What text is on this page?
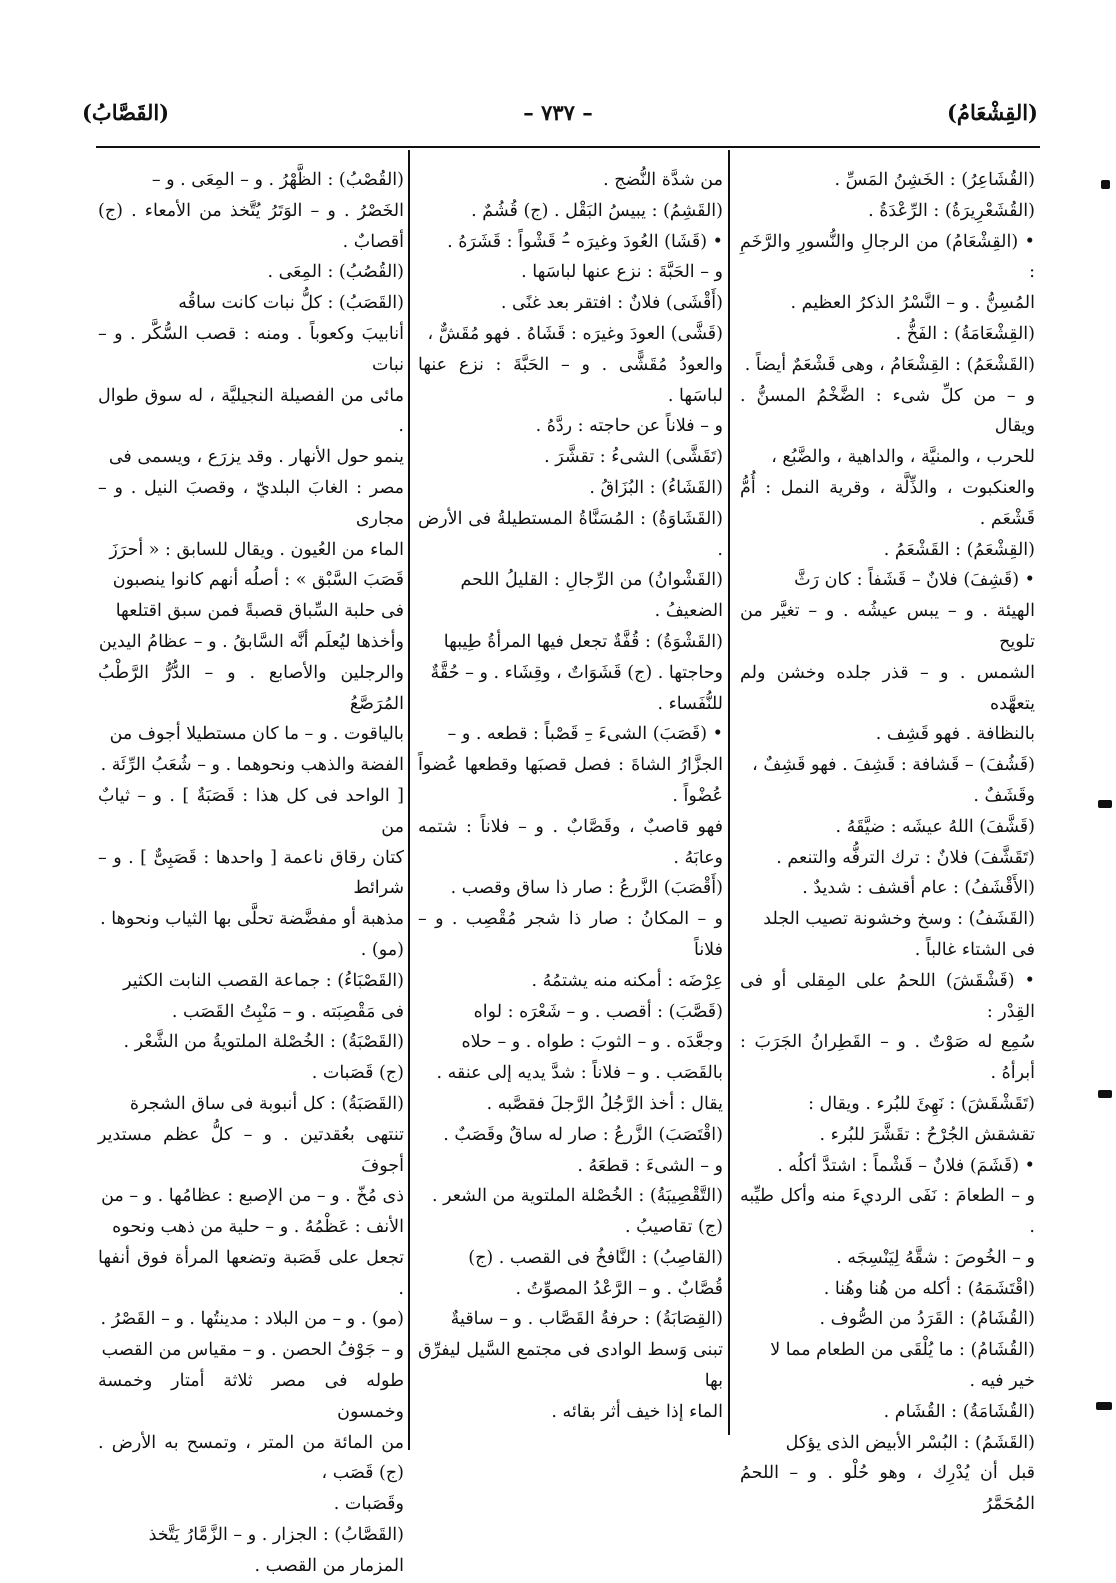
(القِشْعَامُ)
– ٧٣٧ –
(القَصَّابُ)

(القُشَاعِرُ) : الخَشِنُ المَسِّ .

(القُشَعْرِيرَةُ) : الرِّعْدَةُ .

• (القِشْعَامُ) من الرجالِ والنُّسورِ والرَّخَمِ :

المُسِنُّ . و – النَّسْرُ الذكرُ العظيم .

(القِشْعَامَةُ) : الفَخُّ .

(القَشْعَمُ) : القِشْعَامُ ، وهى قَشْعَمٌ أيضاً .

و – من كلِّ شىء : الضَّخْمُ المسنُّ . ويقال

للحرب ، والمنيَّة ، والداهية ، والضَّبُع ،

والعنكبوت ، والذِّلَّة ، وقرية النمل : أُمُّ قَشْعَم .

(القِشْعَمُ) : القَشْعَمُ .

• (قَشِفَ) فلانٌ – قَشَفاً : كان رَثَّ

الهيئة . و – يبس عيشُه . و – تغيَّر من تلويح

الشمس . و – قذر جلده وخشن ولم يتعهَّده

بالنظافة . فهو قَشِف .

(قَشُفَ) – قَشافة : قَشِفَ . فهو قَشِفٌ ،

وقَشَفٌ .

(قَشَّفَ) اللهُ عيشَه : ضيَّقَهُ .

(تَقَشَّفَ) فلانٌ : ترك الترفُّه والتنعم .

(الأَقْشَفُ) : عام أقشف : شديدٌ .

(القَشَفُ) : وسخ وخشونة تصيب الجلد

فى الشتاء غالباً .

• (قَشْقَشَ) اللحمُ على المِقلى أو فى القِدْر :

سُمِع له صَوْتٌ . و – القَطِرانُ الجَرَبَ : أبرأهُ .

(تَقَشْقَشَ) : نَهِئَ للبُرء . ويقال :

تقشقش الجُرْحُ : تقَشَّرَ للبُرء .

• (قَشَمَ) فلانٌ – قَشْماً : اشتدَّ أكلُه .

و – الطعامَ : نَفَى الرديءَ منه وأكل طيِّبه .

و – الخُوصَ : شقَّهُ لِيَنْسِجَه .

(اقْتَشَمَهُ) : أكله من هُنا وهُنا .

(القُشَامُ) : القَرَدُ من الصُّوف .

(القُشَامُ) : ما يُلْقَى من الطعام مما لا

خير فيه .

(القُشَامَةُ) : القُشَام .

(القَشَمُ) : البُسْر الأبيض الذى يؤكل

قبل أن يُدْرِك ، وهو حُلْو . و – اللحمُ المُحَمَّرُ

من شدَّة النُّضج .

(القَشِمُ) : يبيسُ البَقْل . (ج) قُشُمٌ .

• (قَشَا) العُودَ وغيرَه –ُ قَشْواً : قَشَرَهُ .

و – الحَبَّةَ : نزع عنها لباسَها .

(أَقْشَى) فلانٌ : افتقر بعد غنًى .

(قَشَّى) العودَ وغيرَه : قَشَاهُ . فهو مُقَشٌّ ،

والعودُ مُقَشًّى . و – الحَبَّةَ : نزع عنها لباسَها .

و – فلاناً عن حاجته : ردَّهُ .

(تَقَشَّى) الشىءُ : تقشَّرَ .

(القَشَاءُ) : البُزَاقُ .

(القَشَاوَةُ) : المُسَنَّاةُ المستطيلةُ فى الأرض .

(القَشْوانُ) من الرِّجالِ : القليلُ اللحم

الضعيفُ .

(القَشْوَةُ) : قُفَّةٌ تجعل فيها المرأةُ طِيبها

وحاجتها . (ج) قَشَوَاتٌ ، وقِشَاء . و – حُقَّةٌ

للنُّفَساء .

• (قَصَبَ) الشىءَ –ِ قَصْباً : قطعه . و –

الجزَّارُ الشاةَ : فصل قصبَها وقطعها عُضواً عُضْواً .

فهو قاصبٌ ، وقَصَّابٌ . و – فلاناً : شتمه وعابَهُ .

(أَقْصَبَ) الزَّرعُ : صار ذا ساق وقصب .

و – المكانُ : صار ذا شجر مُقْصِب . و – فلاناً

عِرْضَه : أمكنه منه يشتمُهُ .

(قَصَّبَ) : أقصب . و – شَعْرَه : لواه

وجعَّدَه . و – الثوبَ : طواه . و – حلاه

بالقَصَب . و – فلاناً : شدَّ يديه إلى عنقه .

يقال : أخذ الرَّجُلُ الرَّجلَ فقصَّبه .

(اقْتَصَبَ) الزَّرعُ : صار له ساقٌ وقَصَبٌ .

و – الشىءَ : قطعَهُ .

(التَّقْصِيبَةُ) : الخُصْلة الملتوية من الشعر .

(ج) تقاصيبُ .

(القاصِبُ) : النَّافخُ فى القصب . (ج)

قُصَّابٌ . و – الرَّعْدُ المصوِّتُ .

(القِصَابَةُ) : حرفةُ القَصَّاب . و – ساقيةٌ

تبنى وَسط الوادى فى مجتمع السَّيل ليفرِّق بها

الماء إذا خيف أثر بقائه .

(القُصْبُ) : الظَّهْرُ . و – المِعَى . و –

الخَصْرُ . و – الوَتَرُ يُتَّخذ من الأمعاء . (ج) أقصابٌ .

(القُصُبُ) : المِعَى .

(القَصَبُ) : كلُّ نبات كانت ساقُه

أنابيبَ وكعوباً . ومنه : قصب السُّكَّر . و – نبات

مائى من الفصيلة النجيليَّة ، له سوق طوال .

ينمو حول الأنهار . وقد يزرَع ، ويسمى فى

مصر : الغابَ البلديّ ، وقصبَ النيل . و – مجارى

الماء من العُيون . ويقال للسابق : « أحرَزَ

قَصَبَ السَّبْق » : أصلُه أنهم كانوا ينصبون

فى حلبة السِّباق قصبةً فمن سبق اقتلعها

وأخذها ليُعلَم أنَّه السَّابقُ . و – عظامُ اليدين

والرجلين والأصابع . و – الدُّرُّ الرَّطْبُ المُرَصَّعُ

بالياقوت . و – ما كان مستطيلا أجوف من

الفضة والذهب ونحوهما . و – شُعَبُ الرِّئَة .

[ الواحد فى كل هذا : قَصَبَةٌ ] . و – ثيابٌ من

كتان رقاق ناعمة [ واحدها : قَصَبِىٌّ ] . و – شرائط

مذهبة أو مفضَّضة تحلَّى بها الثياب ونحوها .

(مو) .

(القَصْبَاءُ) : جماعة القصب النابت الكثير

فى مَقْصِبَته . و – مَنْبِتُ القَصَب .

(القَصْبَةُ) : الخُصْلة الملتويةُ من الشَّعْر .

(ج) قَصَبات .

(القَصَبَةُ) : كل أنبوبة فى ساق الشجرة

تنتهى بعُقدتين . و – كلُّ عظم مستدير أجوفَ

ذى مُخّ . و – من الإصبع : عظامُها . و – من

الأنف : عَظْمُهُ . و – حلية من ذهب ونحوه

تجعل على قَصَبة وتضعها المرأة فوق أنفها .

(مو) . و – من البلاد : مدينتُها . و – القَصْرُ .

و – جَوْفُ الحصن . و – مقياس من القصب

طوله فى مصر ثلاثة أمتار وخمسة وخمسون

من المائة من المتر ، وتمسح به الأرض . (ج) قَصَب ،

وقَصَبات .

(القَصَّابُ) : الجزار . و – الزَّمَّارُ يَتَّخذ

المزمار من القصب .
